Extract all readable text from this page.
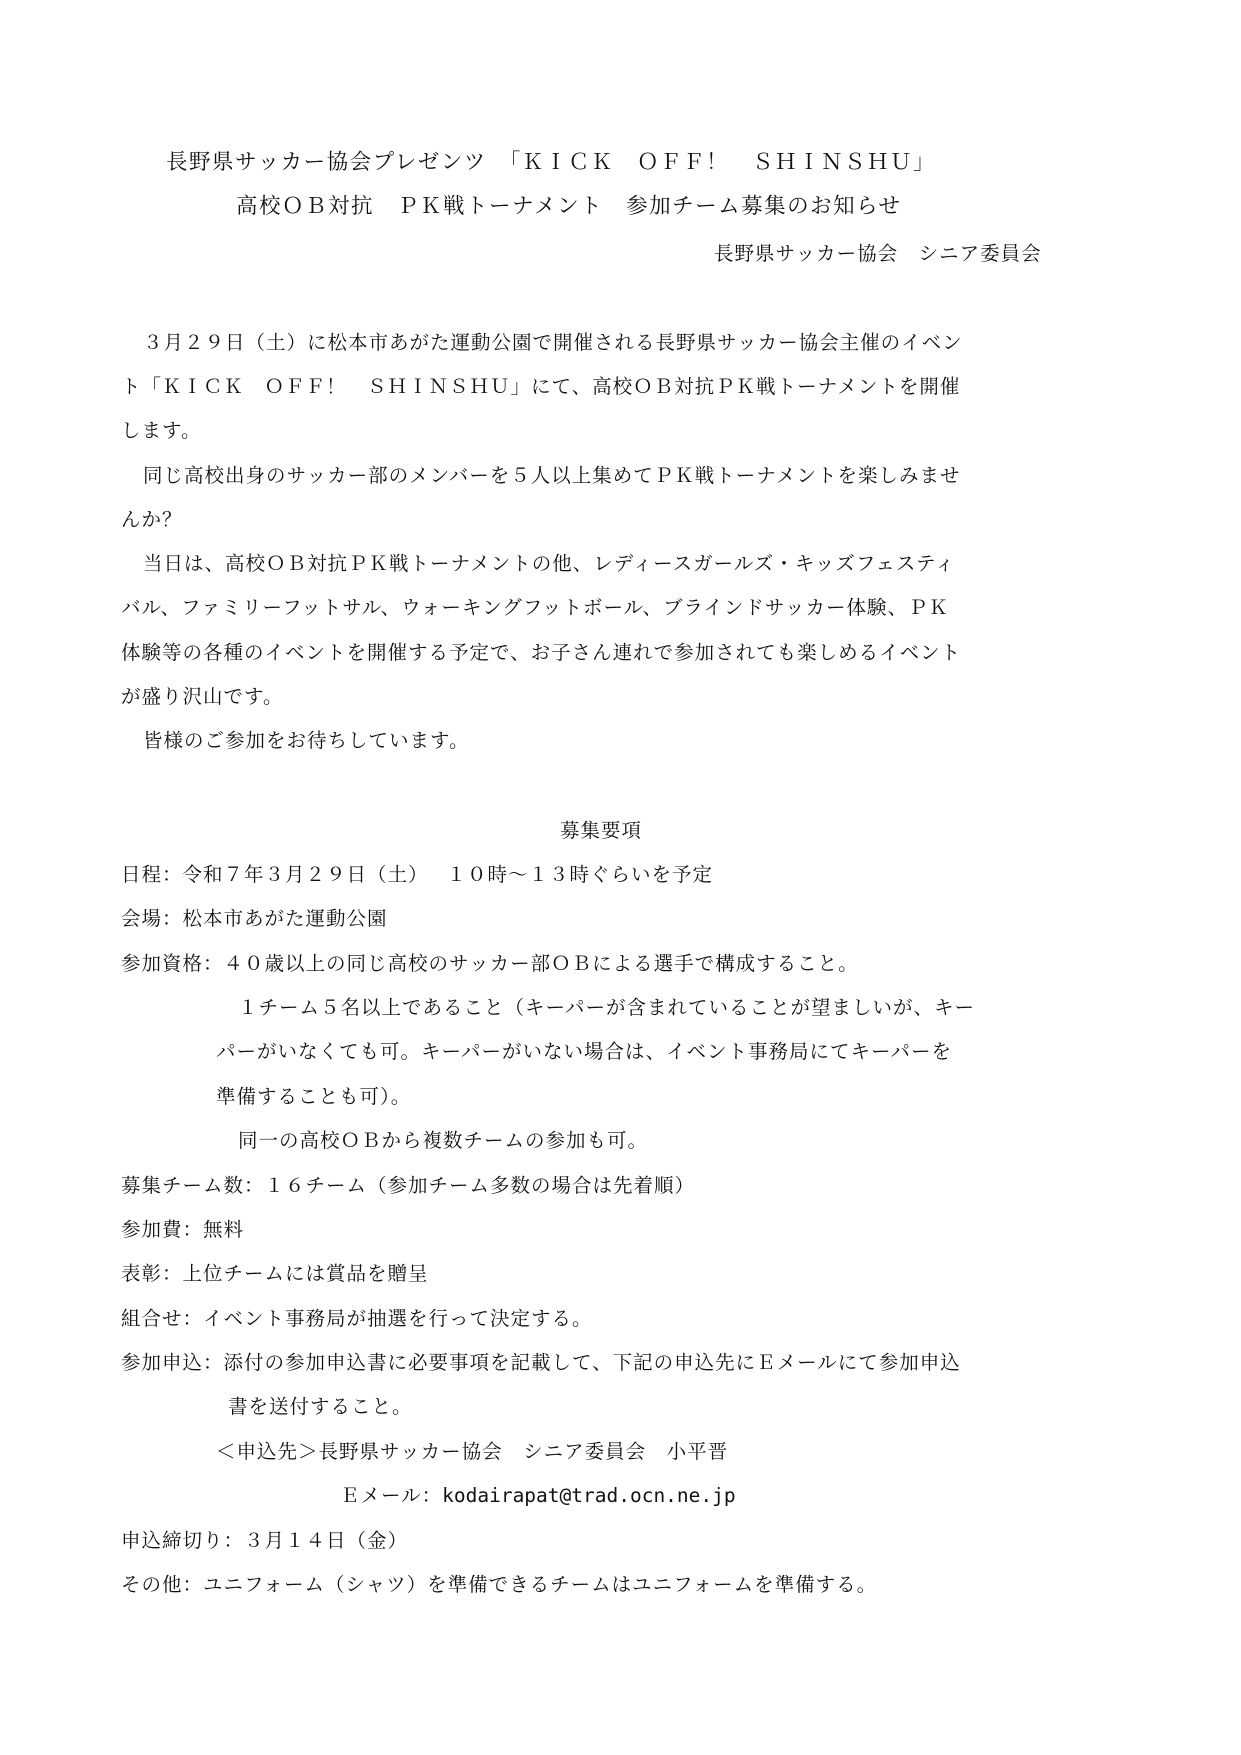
長野県サッカー協会プレゼンツ　「ＫＩＣＫ　ＯＦＦ！　ＳＨＩＮＳＨＵ」
高校ＯＢ対抗　ＰＫ戦トーナメント　参加チーム募集のお知らせ
長野県サッカー協会　シニア委員会
３月２９日（土）に松本市あがた運動公園で開催される長野県サッカー協会主催のイベン
ト「ＫＩＣＫ　ＯＦＦ！　ＳＨＩＮＳＨＵ」にて、高校ＯＢ対抗ＰＫ戦トーナメントを開催
します。
同じ高校出身のサッカー部のメンバーを５人以上集めてＰＫ戦トーナメントを楽しみませ
んか？
当日は、高校ＯＢ対抗ＰＫ戦トーナメントの他、レディースガールズ・キッズフェスティ
バル、ファミリーフットサル、ウォーキングフットボール、ブラインドサッカー体験、ＰＫ
体験等の各種のイベントを開催する予定で、お子さん連れで参加されても楽しめるイベント
が盛り沢山です。
皆様のご参加をお待ちしています。
募集要項
日程：令和７年３月２９日（土）　 １０時～１３時ぐらいを予定
会場：松本市あがた運動公園
参加資格：４０歳以上の同じ高校のサッカー部ＯＢによる選手で構成すること。
１チーム５名以上であること（キーパーが含まれていることが望ましいが、キー
パーがいなくても可。キーパーがいない場合は、イベント事務局にてキーパーを
準備することも可）。
同一の高校ＯＢから複数チームの参加も可。
募集チーム数：１６チーム（参加チーム多数の場合は先着順）
参加費：無料
表彰：上位チームには賞品を贈呈
組合せ：イベント事務局が抽選を行って決定する。
参加申込：添付の参加申込書に必要事項を記載して、下記の申込先にＥメールにて参加申込
書を送付すること。
＜申込先＞長野県サッカー協会　シニア委員会　小平晋
Ｅメール：kodairapat@trad.ocn.ne.jp
申込締切り：３月１４日（金）
その他：ユニフォーム（シャツ）を準備できるチームはユニフォームを準備する。
